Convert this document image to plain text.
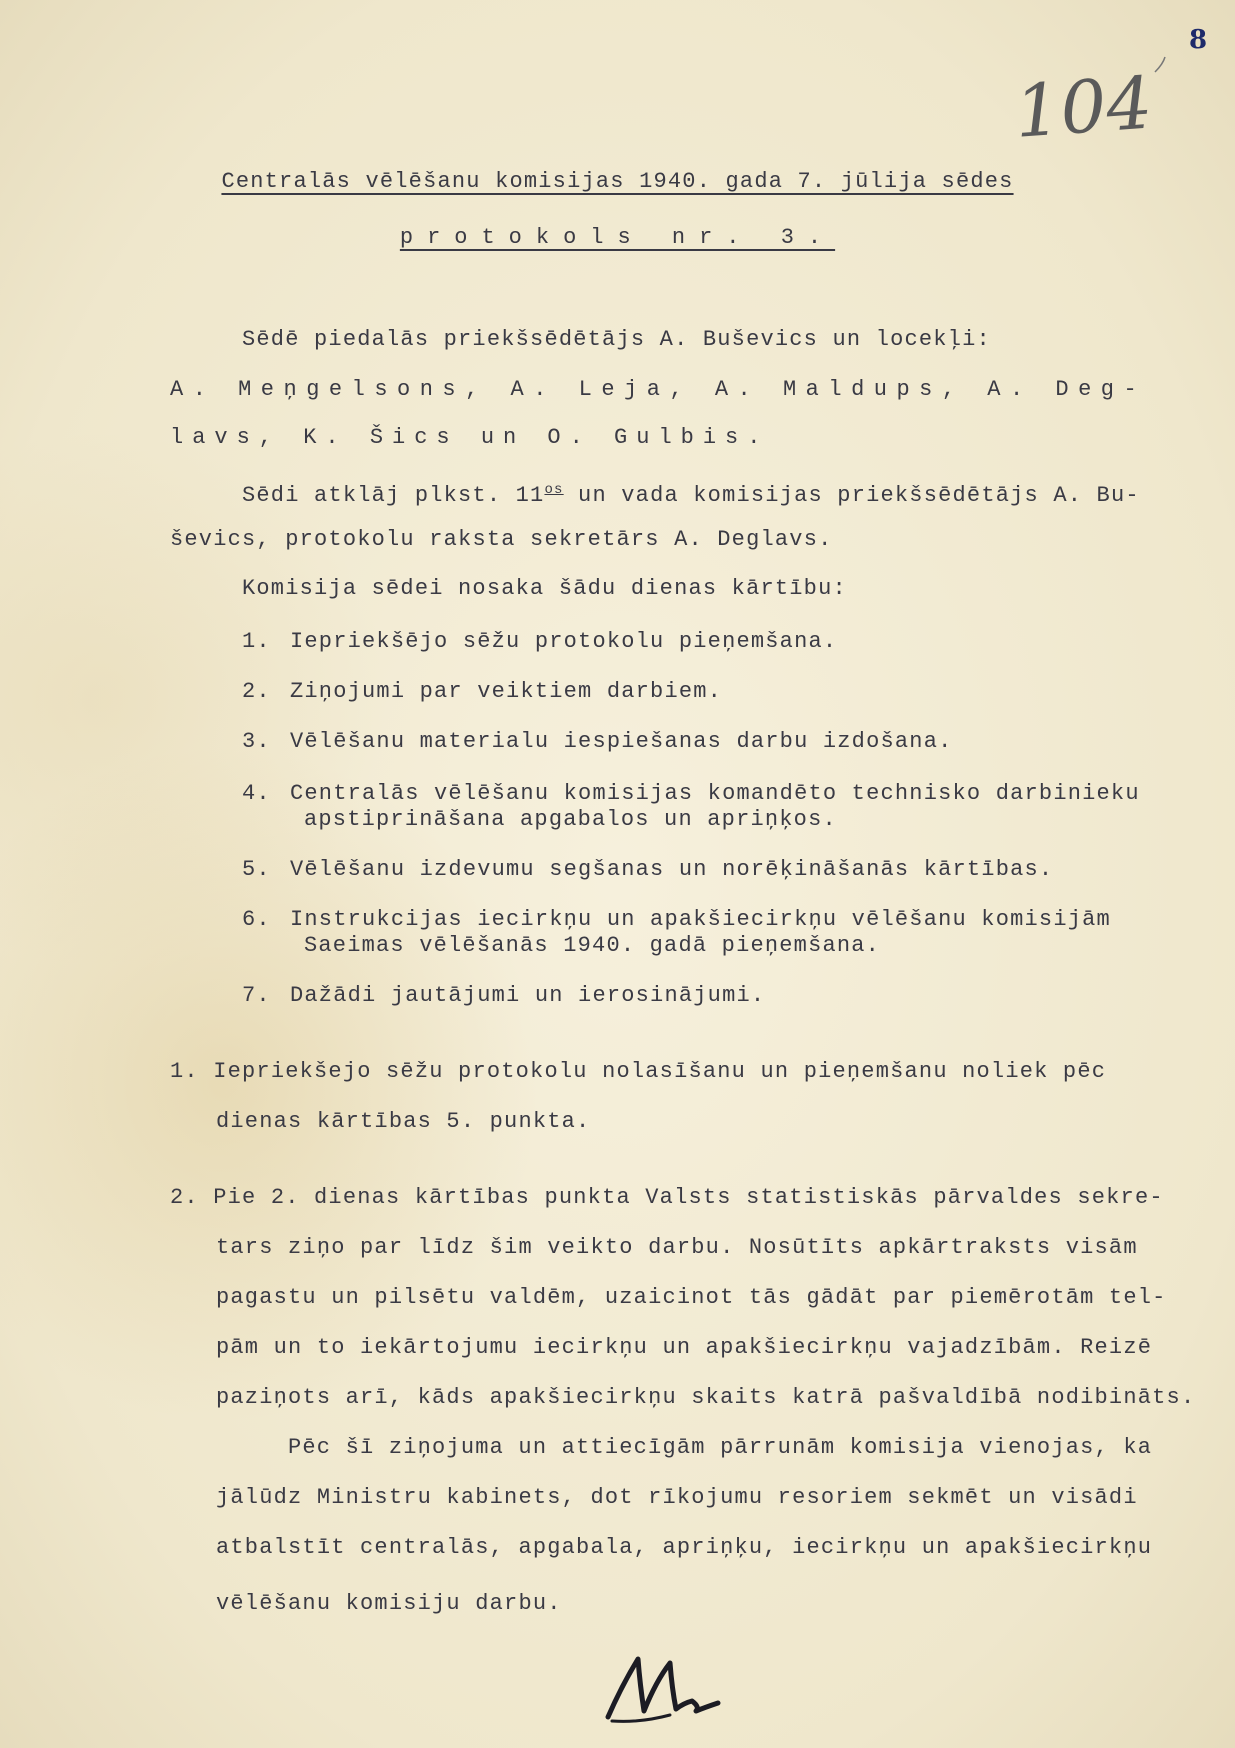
104
8
Centralās vēlēšanu komisijas 1940. gada 7. jūlija sēdes
protokols nr. 3.
Sēdē piedalās priekšsēdētājs A. Buševics un locekļi:
A. Meņgelsons, A. Leja, A. Maldups, A. Deg-
lavs, K. Šics un O. Gulbis.
Sēdi atklāj plkst. $11^{os}$ un vada komisijas priekšsēdētājs A. Bu-
ševics, protokolu raksta sekretārs A. Deglavs.
Komisija sēdei nosaka šādu dienas kārtību:
1. Iepriekšējo sēžu protokolu pieņemšana.
2. Ziņojumi par veiktiem darbiem.
3. Vēlēšanu materialu iespiešanas darbu izdošana.
4. Centralās vēlēšanu komisijas komandēto technisko darbinieku
apstiprināšana apgabalos un apriņķos.
5. Vēlēšanu izdevumu segšanas un norēķināšanās kārtības.
6. Instrukcijas iecirkņu un apakšiecirkņu vēlēšanu komisijām
Saeimas vēlēšanās 1940. gadā pieņemšana.
7. Dažādi jautājumi un ierosinājumi.
1. Iepriekšejo sēžu protokolu nolasīšanu un pieņemšanu noliek pēc
dienas kārtības 5. punkta.
2. Pie 2. dienas kārtības punkta Valsts statistiskās pārvaldes sekre-
tars ziņo par līdz šim veikto darbu. Nosūtīts apkārtraksts visām
pagastu un pilsētu valdēm, uzaicinot tās gādāt par piemērotām tel-
pām un to iekārtojumu iecirkņu un apakšiecirkņu vajadzībām. Reizē
paziņots arī, kāds apakšiecirkņu skaits katrā pašvaldībā nodibināts.
Pēc šī ziņojuma un attiecīgām pārrunām komisija vienojas, ka
jālūdz Ministru kabinets, dot rīkojumu resoriem sekmēt un visādi
atbalstīt centralās, apgabala, apriņķu, iecirkņu un apakšiecirkņu
vēlēšanu komisiju darbu.
